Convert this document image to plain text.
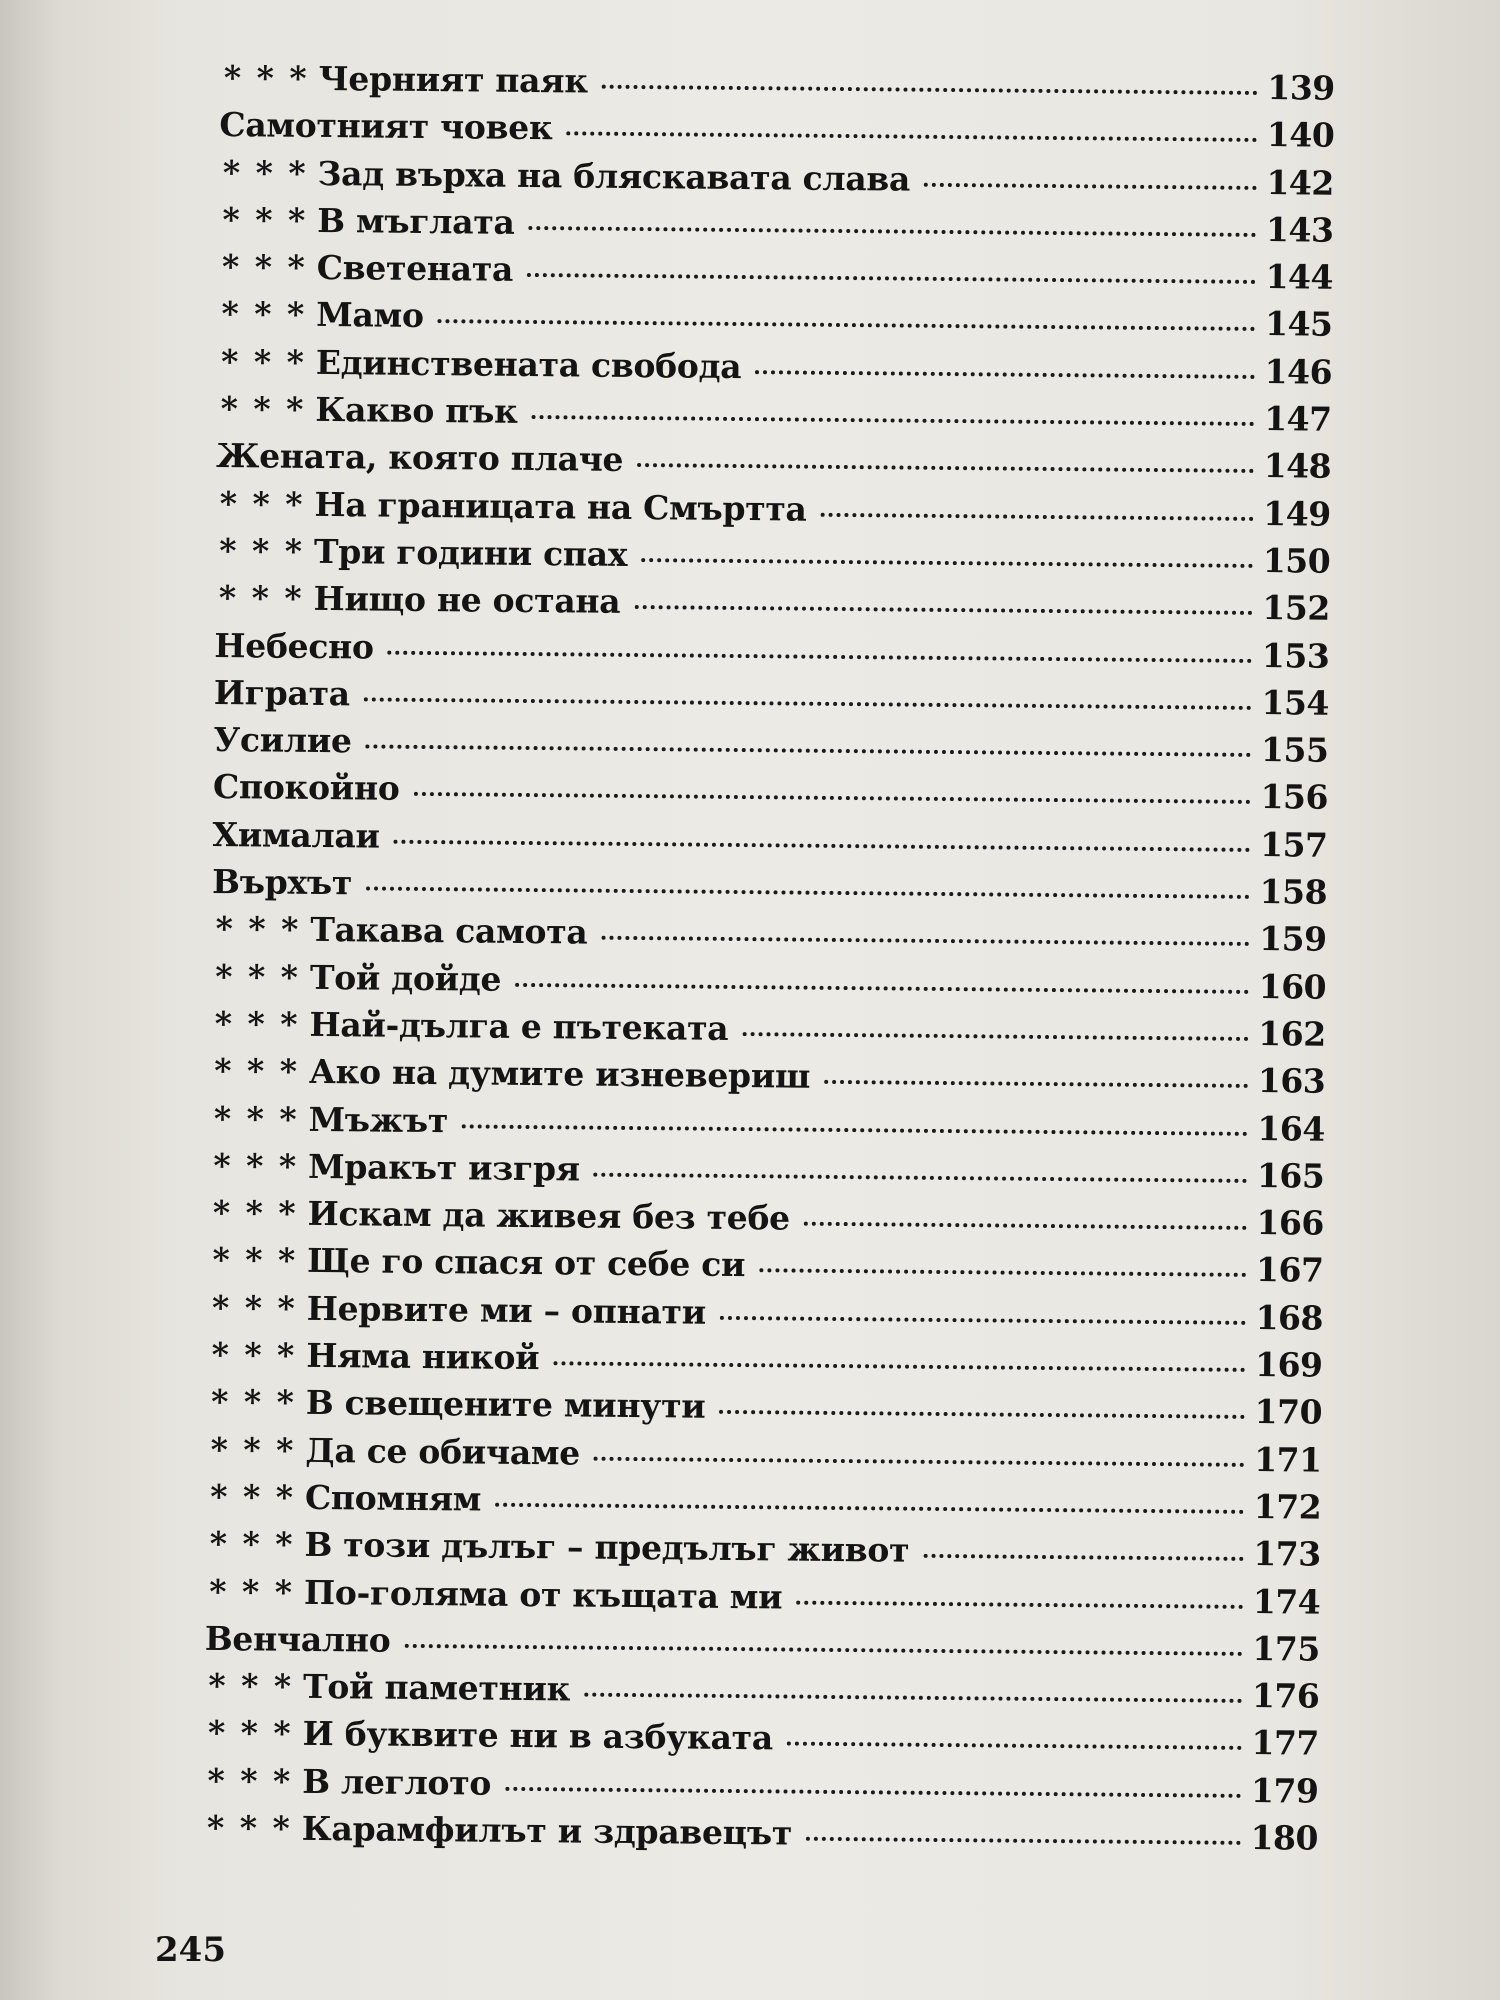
* * * Черният паяк	139
Самотният човек	140
* * * Зад върха на бляскавата слава	142
* * * В мъглата	143
* * * Светената	144
* * * Мамо	145
* * * Единствената свобода	146
* * * Какво пък	147
Жената, която плаче	148
* * * На границата на Смъртта	149
* * * Три години спах	150
* * * Нищо не остана	152
Небесно	153
Играта	154
Усилие	155
Спокойно	156
Хималаи	157
Върхът	158
* * * Такава самота	159
* * * Той дойде	160
* * * Най-дълга е пътеката	162
* * * Ако на думите изневериш	163
* * * Мъжът	164
* * * Мракът изгря	165
* * * Искам да живея без тебе	166
* * * Ще го спася от себе си	167
* * * Нервите ми – опнати	168
* * * Няма никой	169
* * * В свещените минути	170
* * * Да се обичаме	171
* * * Спомням	172
* * * В този дълъг – предълъг живот	173
* * * По-голяма от къщата ми	174
Венчално	175
* * * Той паметник	176
* * * И буквите ни в азбуката	177
* * * В леглото	179
* * * Карамфилът и здравецът	180
245
